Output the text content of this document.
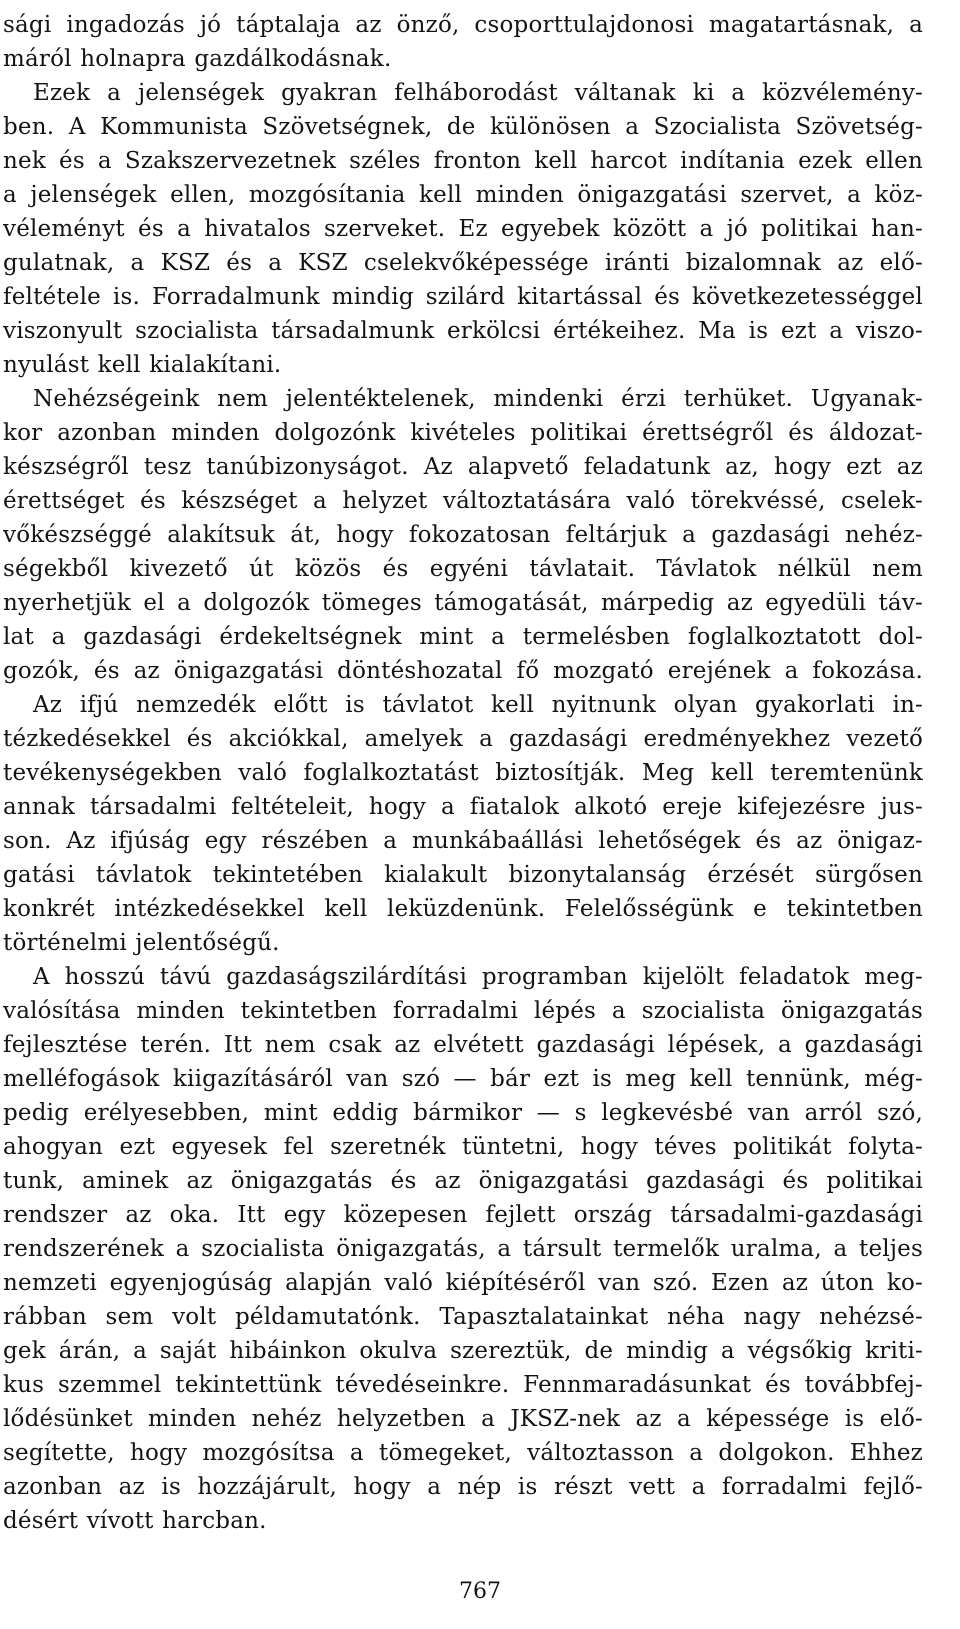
sági ingadozás jó táptalaja az önző, csoporttulajdonosi magatartásnak, a
máról holnapra gazdálkodásnak.
Ezek a jelenségek gyakran felháborodást váltanak ki a közvélemény-
ben. A Kommunista Szövetségnek, de különösen a Szocialista Szövetség-
nek és a Szakszervezetnek széles fronton kell harcot indítania ezek ellen
a jelenségek ellen, mozgósítania kell minden önigazgatási szervet, a köz-
véleményt és a hivatalos szerveket. Ez egyebek között a jó politikai han-
gulatnak, a KSZ és a KSZ cselekvőképessége iránti bizalomnak az elő-
feltétele is. Forradalmunk mindig szilárd kitartással és következetességgel
viszonyult szocialista társadalmunk erkölcsi értékeihez. Ma is ezt a viszo-
nyulást kell kialakítani.
Nehézségeink nem jelentéktelenek, mindenki érzi terhüket. Ugyanak-
kor azonban minden dolgozónk kivételes politikai érettségről és áldozat-
készségről tesz tanúbizonyságot. Az alapvető feladatunk az, hogy ezt az
érettséget és készséget a helyzet változtatására való törekvéssé, cselek-
vőkészséggé alakítsuk át, hogy fokozatosan feltárjuk a gazdasági nehéz-
ségekből kivezető út közös és egyéni távlatait. Távlatok nélkül nem
nyerhetjük el a dolgozók tömeges támogatását, márpedig az egyedüli táv-
lat a gazdasági érdekeltségnek mint a termelésben foglalkoztatott dol-
gozók, és az önigazgatási döntéshozatal fő mozgató erejének a fokozása.
Az ifjú nemzedék előtt is távlatot kell nyitnunk olyan gyakorlati in-
tézkedésekkel és akciókkal, amelyek a gazdasági eredményekhez vezető
tevékenységekben való foglalkoztatást biztosítják. Meg kell teremtenünk
annak társadalmi feltételeit, hogy a fiatalok alkotó ereje kifejezésre jus-
son. Az ifjúság egy részében a munkábaállási lehetőségek és az önigaz-
gatási távlatok tekintetében kialakult bizonytalanság érzését sürgősen
konkrét intézkedésekkel kell leküzdenünk. Felelősségünk e tekintetben
történelmi jelentőségű.
A hosszú távú gazdaságszilárdítási programban kijelölt feladatok meg-
valósítása minden tekintetben forradalmi lépés a szocialista önigazgatás
fejlesztése terén. Itt nem csak az elvétett gazdasági lépések, a gazdasági
melléfogások kiigazításáról van szó — bár ezt is meg kell tennünk, még-
pedig erélyesebben, mint eddig bármikor — s legkevésbé van arról szó,
ahogyan ezt egyesek fel szeretnék tüntetni, hogy téves politikát folyta-
tunk, aminek az önigazgatás és az önigazgatási gazdasági és politikai
rendszer az oka. Itt egy közepesen fejlett ország társadalmi-gazdasági
rendszerének a szocialista önigazgatás, a társult termelők uralma, a teljes
nemzeti egyenjogúság alapján való kiépítéséről van szó. Ezen az úton ko-
rábban sem volt példamutatónk. Tapasztalatainkat néha nagy nehézsé-
gek árán, a saját hibáinkon okulva szereztük, de mindig a végsőkig kriti-
kus szemmel tekintettünk tévedéseinkre. Fennmaradásunkat és továbbfej-
lődésünket minden nehéz helyzetben a JKSZ-nek az a képessége is elő-
segítette, hogy mozgósítsa a tömegeket, változtasson a dolgokon. Ehhez
azonban az is hozzájárult, hogy a nép is részt vett a forradalmi fejlő-
désért vívott harcban.
767
